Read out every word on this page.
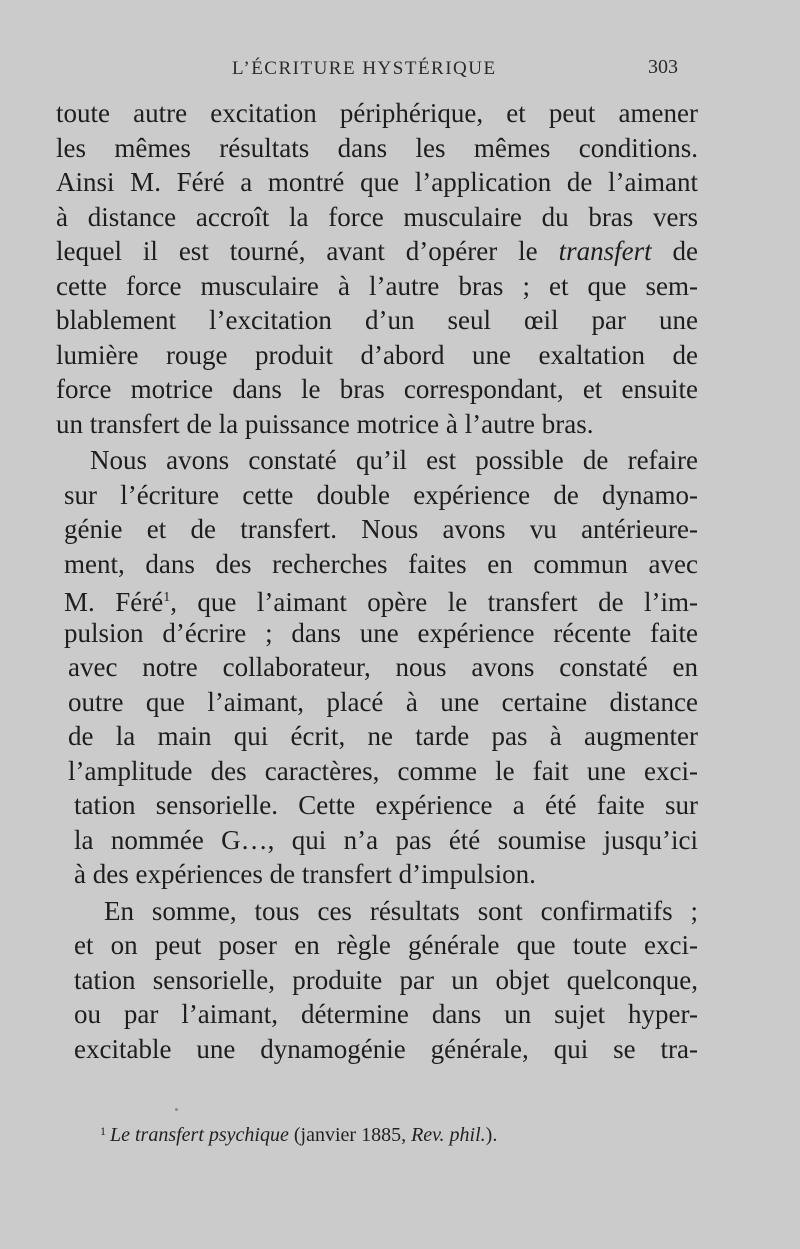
L’ÉCRITURE HYSTÉRIQUE	303
toute autre excitation périphérique, et peut amener
les mêmes résultats dans les mêmes conditions.
Ainsi M. Féré a montré que l’application de l’aimant
à distance accroît la force musculaire du bras vers
lequel il est tourné, avant d’opérer le transfert de
cette force musculaire à l’autre bras ; et que sem-
blablement l’excitation d’un seul œil par une
lumière rouge produit d’abord une exaltation de
force motrice dans le bras correspondant, et ensuite
un transfert de la puissance motrice à l’autre bras.
Nous avons constaté qu’il est possible de refaire
sur l’écriture cette double expérience de dynamo-
génie et de transfert. Nous avons vu antérieure-
ment, dans des recherches faites en commun avec
M. Féré$^1$, que l’aimant opère le transfert de l’im-
pulsion d’écrire ; dans une expérience récente faite
avec notre collaborateur, nous avons constaté en
outre que l’aimant, placé à une certaine distance
de la main qui écrit, ne tarde pas à augmenter
l’amplitude des caractères, comme le fait une exci-
tation sensorielle. Cette expérience a été faite sur
la nommée G…, qui n’a pas été soumise jusqu’ici
à des expériences de transfert d’impulsion.
En somme, tous ces résultats sont confirmatifs ;
et on peut poser en règle générale que toute exci-
tation sensorielle, produite par un objet quelconque,
ou par l’aimant, détermine dans un sujet hyper-
excitable une dynamogénie générale, qui se tra-
$^1$ Le transfert psychique (janvier 1885, Rev. phil.).
